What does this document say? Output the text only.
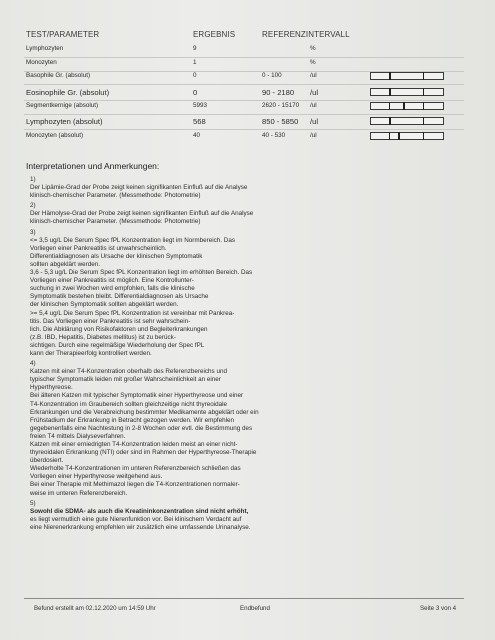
TEST/PARAMETER	ERGEBNIS	REFERENZINTERVALL
Lymphozyten	9	%
Monozyten	1	%
Basophile Gr. (absolut)	0	0 - 100	/ul
Eosinophile Gr. (absolut)	0	90 - 2180 /ul
Segmentkernige (absolut)	5993	2620 - 15170 /ul
Lymphozyten (absolut)	568	850 - 5850 /ul
Monozyten (absolut)	40	40 - 530	/ul
Interpretationen und Anmerkungen:
1)
Der Lipämie-Grad der Probe zeigt keinen signifikanten Einfluß auf die Analyse
klinisch-chemischer Parameter. (Messmethode: Photometrie)
2)
Der Hämolyse-Grad der Probe zeigt keinen signifikanten Einfluß auf die Analyse
klinisch-chemischer Parameter. (Messmethode: Photometrie)
3)
<= 3,5 ug/L Die Serum Spec fPL Konzentration liegt im Normbereich. Das
Vorliegen einer Pankreatitis ist unwahrscheinlich.
Differentialdiagnosen als Ursache der klinischen Symptomatik
sollten abgeklärt werden.
3,6 - 5,3 ug/L Die Serum Spec fPL Konzentration liegt im erhöhten Bereich. Das
Vorliegen einer Pankreatitis ist möglich. Eine Kontrollunter-
suchung in zwei Wochen wird empfohlen, falls die klinische
Symptomatik bestehen bleibt. Differentialdiagnosen als Ursache
der klinischen Symptomatik sollten abgeklärt werden.
>= 5,4 ug/L Die Serum Spec fPL Konzentration ist vereinbar mit Pankrea-
titis. Das Vorliegen einer Pankreatitis ist sehr wahrschein-
lich. Die Abklärung von Risikofaktoren und Begleiterkrankungen
(z.B. IBD, Hepatitis, Diabetes mellitus) ist zu berück-
sichtigen. Durch eine regelmäßige Wiederholung der Spec fPL
kann der Therapieerfolg kontrolliert werden.
4)
Katzen mit einer T4-Konzentration oberhalb des Referenzbereichs und
typischer Symptomatik leiden mit großer Wahrscheinlichkeit an einer
Hyperthyreose.
Bei älteren Katzen mit typischer Symptomatik einer Hyperthyreose und einer
T4-Konzentration im Graubereich sollten gleichzeitige nicht thyreoidale
Erkrankungen und die Verabreichung bestimmter Medikamente abgeklärt oder ein
Frühstadium der Erkrankung in Betracht gezogen werden. Wir empfehlen
gegebenenfalls eine Nachtestung in 2-8 Wochen oder evtl. die Bestimmung des
freien T4 mittels Dialyseverfahren.
Katzen mit einer erniedrigten T4-Konzentration leiden meist an einer nicht-
thyreoidalen Erkrankung (NTI) oder sind im Rahmen der Hyperthyreose-Therapie
überdosiert.
Wiederholte T4-Konzentrationen im unteren Referenzbereich schließen das
Vorliegen einer Hyperthyreose weitgehend aus.
Bei einer Therapie mit Methimazol liegen die T4-Konzentrationen normaler-
weise im unteren Referenzbereich.
5)
Sowohl die SDMA- als auch die Kreatininkonzentration sind nicht erhöht,
es liegt vermutlich eine gute Nierenfunktion vor. Bei klinischem Verdacht auf
eine Nierenerkrankung empfehlen wir zusätzlich eine umfassende Urinanalyse.
Befund erstellt am 02.12.2020 um 14:59 Uhr	Endbefund	Seite 3 von 4
